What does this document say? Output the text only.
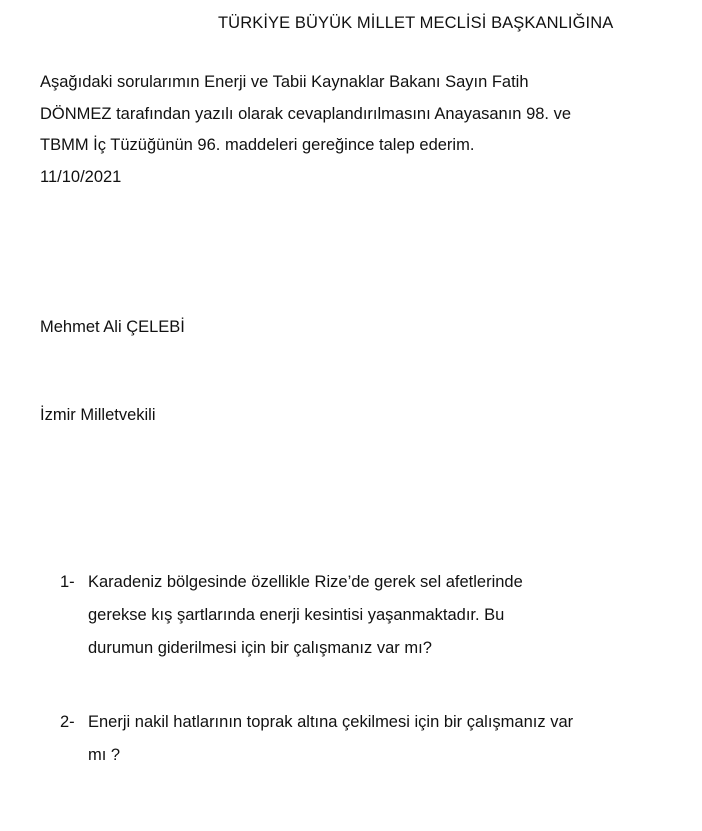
TÜRKİYE BÜYÜK MİLLET MECLİSİ BAŞKANLIĞINA
Aşağıdaki sorularımın Enerji ve Tabii Kaynaklar Bakanı Sayın Fatih
DÖNMEZ tarafından yazılı olarak cevaplandırılmasını Anayasanın 98. ve
TBMM İç Tüzüğünün 96. maddeleri gereğince talep ederim.
11/10/2021
Mehmet Ali ÇELEBİ
İzmir Milletvekili
1- Karadeniz bölgesinde özellikle Rize’de gerek sel afetlerinde
gerekse kış şartlarında enerji kesintisi yaşanmaktadır. Bu
durumun giderilmesi için bir çalışmanız var mı?
2- Enerji nakil hatlarının toprak altına çekilmesi için bir çalışmanız var
mı ?
